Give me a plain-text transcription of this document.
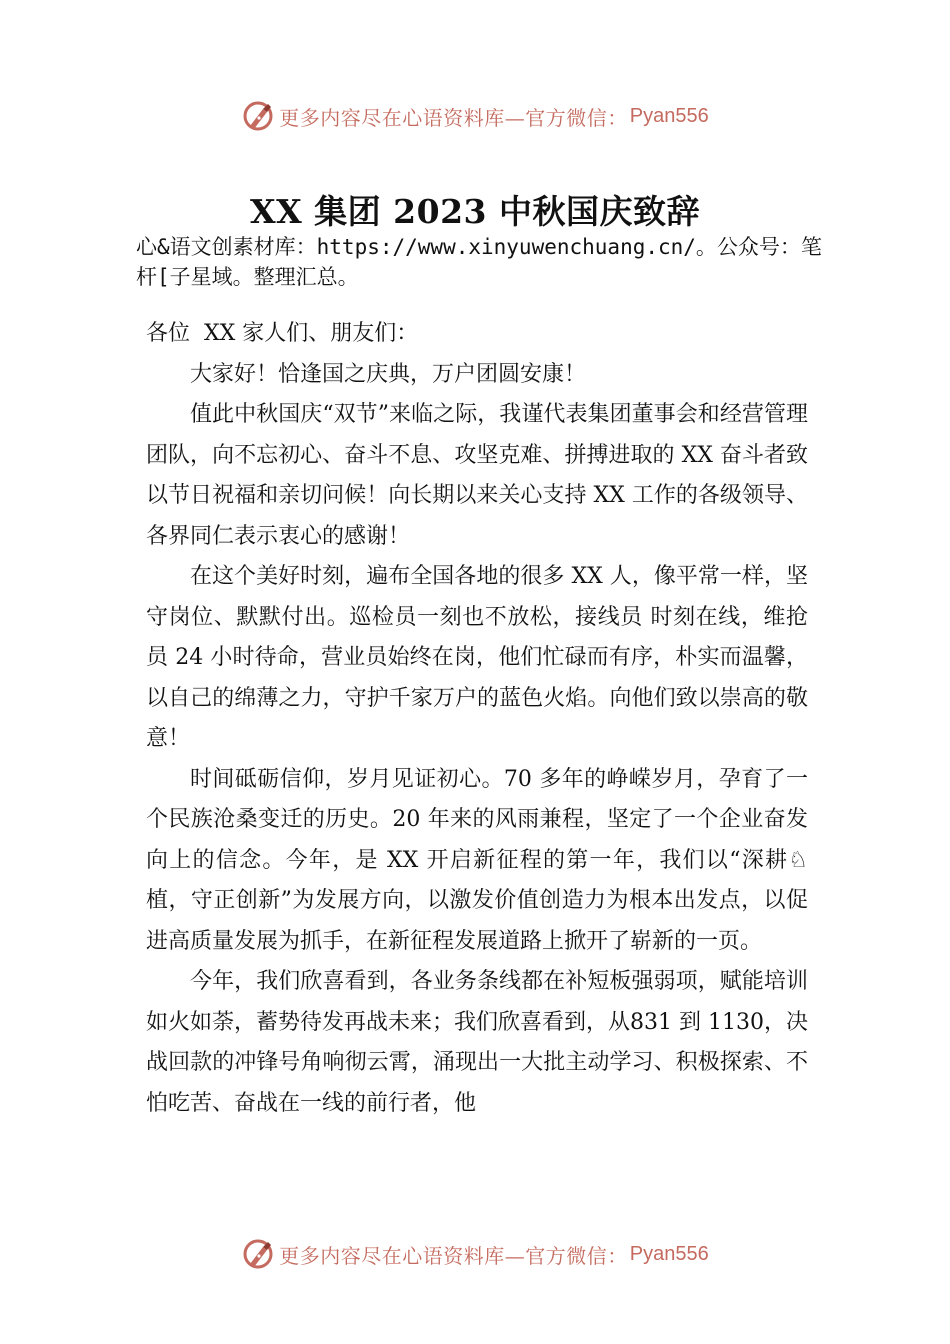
更多内容尽在心语资料库—官方微信： Pyan556
XX 集团 2023 中秋国庆致辞
心&语文创素材库：https://www.xinyuwenchuang.cn/。公众号：笔杆[子星域。整理汇总。

各位  XX 家人们、朋友们：

大家好！恰逢国之庆典，万户团圆安康！

值此中秋国庆“双节”来临之际，我谨代表集团董事会和经营管理团队，向不忘初心、奋斗不息、攻坚克难、拼搏进取的 XX 奋斗者致以节日祝福和亲切问候！向长期以来关心支持 XX 工作的各级领导、各界同仁表示衷心的感谢！

在这个美好时刻，遍布全国各地的很多 XX 人，像平常一样，坚守岗位、默默付出。巡检员一刻也不放松，接线员 时刻在线，维抢员 24 小时待命，营业员始终在岗，他们忙碌而有序，朴实而温馨，以自己的绵薄之力，守护千家万户的蓝色火焰。向他们致以崇高的敬意！

时间砥砺信仰，岁月见证初心。70 多年的峥嵘岁月，孕育了一个民族沧桑变迁的历史。20 年来的风雨兼程，坚定了一个企业奋发向上的信念。今年，是 XX 开启新征程的第一年，我们以“深耕♘植，守正创新”为发展方向，以激发价值创造力为根本出发点，以促进高质量发展为抓手，在新征程发展道路上掀开了崭新的一页。

今年，我们欣喜看到，各业务条线都在补短板强弱项，赋能培训如火如荼，蓄势待发再战未来；我们欣喜看到，从831 到 1130，决战回款的冲锋号角响彻云霄，涌现出一大批主动学习、积极探索、不怕吃苦、奋战在一线的前行者，他

更多内容尽在心语资料库—官方微信： Pyan556
